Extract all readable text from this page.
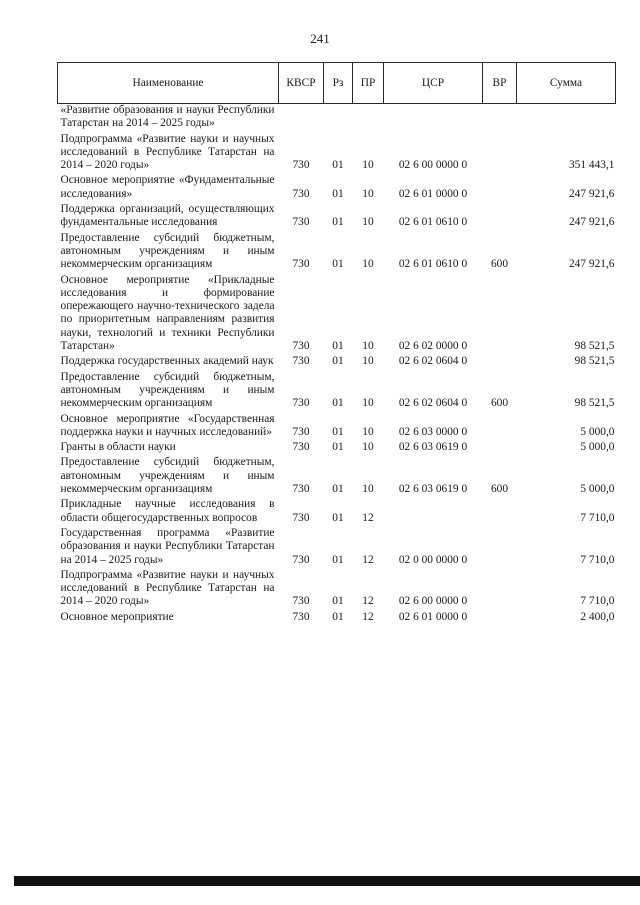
241
Наименование	КВСР	Рз	ПР	ЦСР	ВР	Сумма
«Развитие образования и науки Республики Татарстан на 2014 – 2025 годы»						
Подпрограмма «Развитие науки и научных исследований в Республике Татарстан на 2014 – 2020 годы»	730	01	10	02 6 00 0000 0		351 443,1
Основное мероприятие «Фундаментальные исследования»	730	01	10	02 6 01 0000 0		247 921,6
Поддержка организаций, осуществляющих фундаментальные исследования	730	01	10	02 6 01 0610 0		247 921,6
Предоставление субсидий бюджетным, автономным учреждениям и иным некоммерческим организациям	730	01	10	02 6 01 0610 0	600	247 921,6
Основное мероприятие «Прикладные исследования и формирование опережающего научно-технического задела по приоритетным направлениям развития науки, технологий и техники Республики Татарстан»	730	01	10	02 6 02 0000 0		98 521,5
Поддержка государственных академий наук	730	01	10	02 6 02 0604 0		98 521,5
Предоставление субсидий бюджетным, автономным учреждениям и иным некоммерческим организациям	730	01	10	02 6 02 0604 0	600	98 521,5
Основное мероприятие «Государственная поддержка науки и научных исследований»	730	01	10	02 6 03 0000 0		5 000,0
Гранты в области науки	730	01	10	02 6 03 0619 0		5 000,0
Предоставление субсидий бюджетным, автономным учреждениям и иным некоммерческим организациям	730	01	10	02 6 03 0619 0	600	5 000,0
Прикладные научные исследования в области общегосударственных вопросов	730	01	12			7 710,0
Государственная программа «Развитие образования и науки Республики Татарстан на 2014 – 2025 годы»	730	01	12	02 0 00 0000 0		7 710,0
Подпрограмма «Развитие науки и научных исследований в Республике Татарстан на 2014 – 2020 годы»	730	01	12	02 6 00 0000 0		7 710,0
Основное мероприятие	730	01	12	02 6 01 0000 0		2 400,0
